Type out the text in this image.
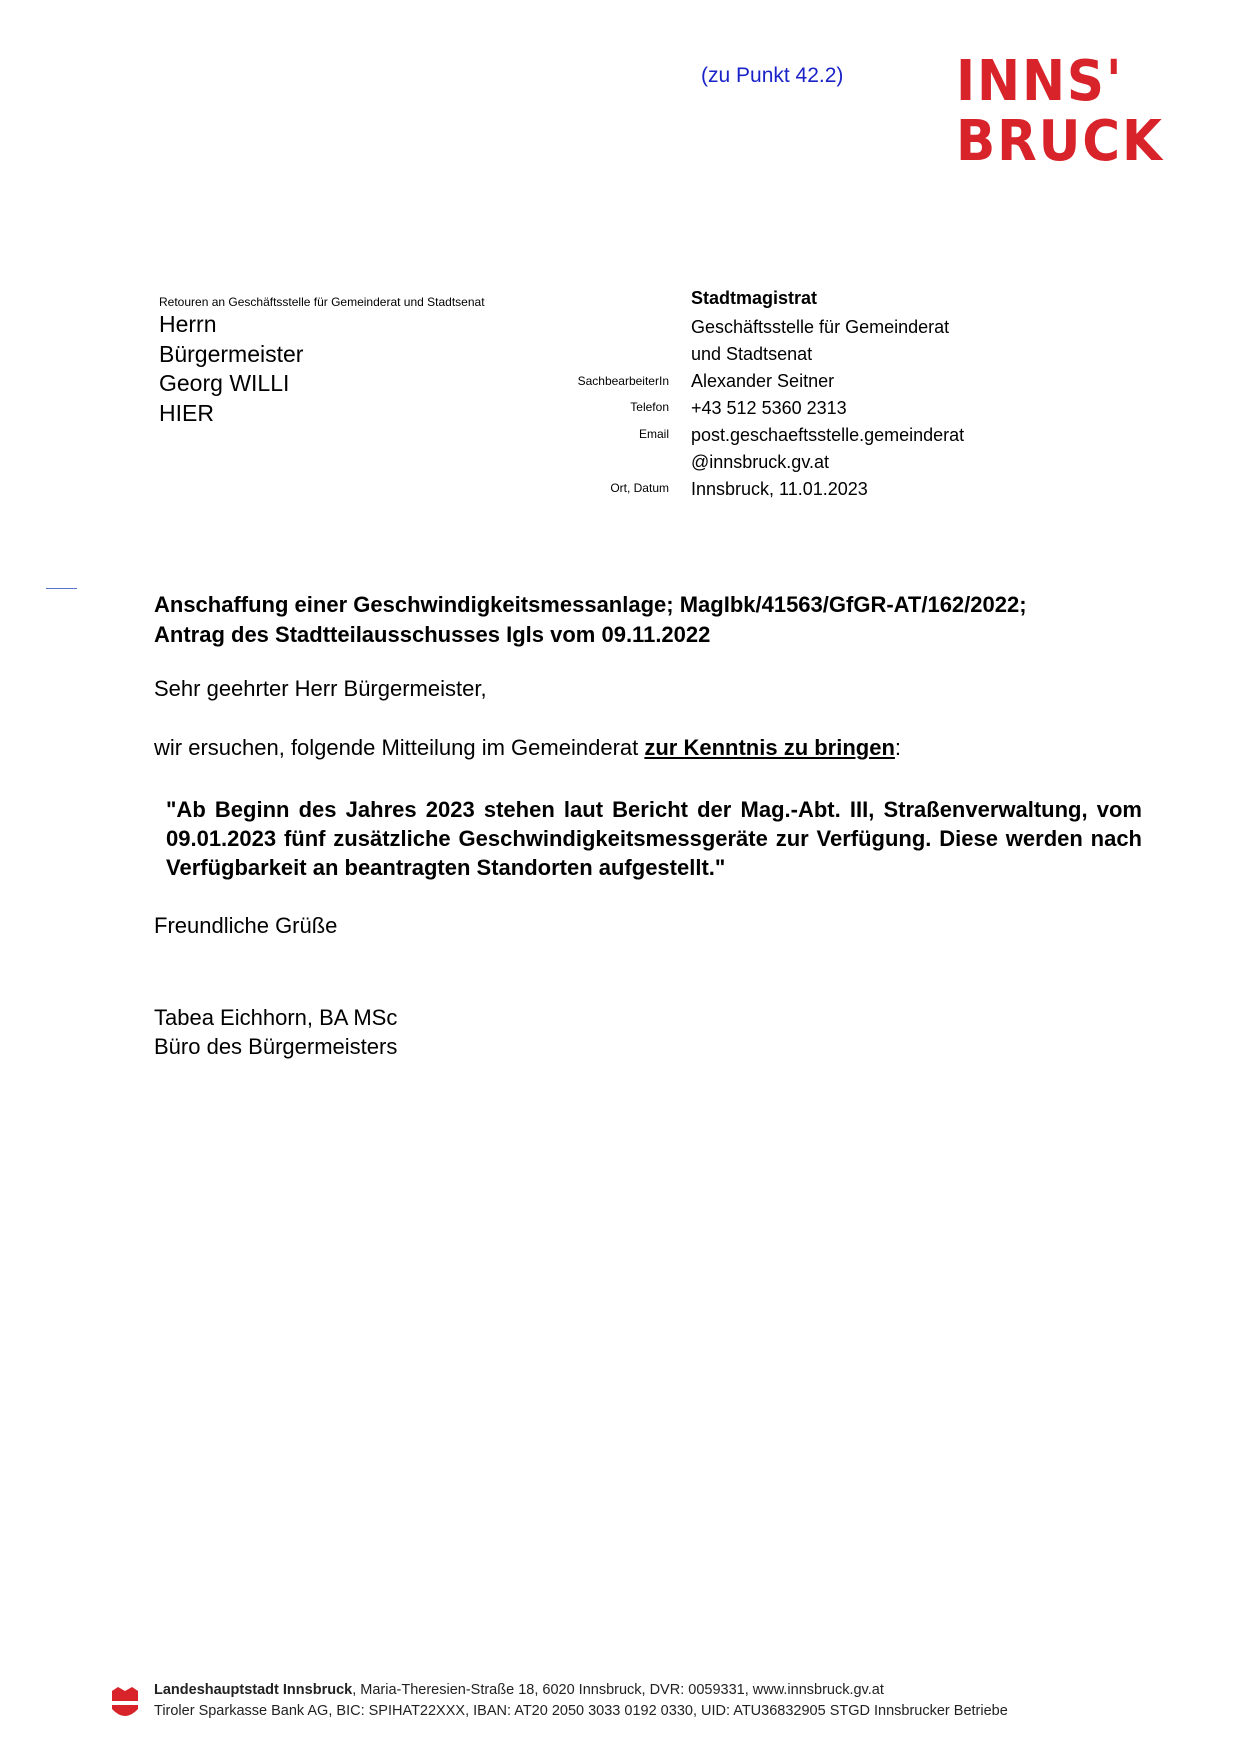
(zu Punkt 42.2) INNS'
BRUCK
Retouren an Geschäftsstelle für Gemeinderat und Stadtsenat
Herrn
Bürgermeister
Georg WILLI
HIER
Stadtmagistrat
Geschäftsstelle für Gemeinderat
und Stadtsenat
Alexander Seitner
+43 512 5360 2313
post.geschaeftsstelle.gemeinderat
@innsbruck.gv.at
Innsbruck, 11.01.2023
SachbearbeiterIn
Telefon
Email
Ort, Datum
Anschaffung einer Geschwindigkeitsmessanlage; MagIbk/41563/GfGR-AT/162/2022;
Antrag des Stadtteilausschusses Igls vom 09.11.2022
Sehr geehrter Herr Bürgermeister,
wir ersuchen, folgende Mitteilung im Gemeinderat zur Kenntnis zu bringen:
"Ab Beginn des Jahres 2023 stehen laut Bericht der Mag.-Abt. III, Straßenverwaltung, vom 09.01.2023 fünf zusätzliche Geschwindigkeitsmessgeräte zur Verfügung. Diese werden nach Verfügbarkeit an beantragten Standorten aufgestellt."
Freundliche Grüße
Tabea Eichhorn, BA MSc
Büro des Bürgermeisters
Landeshauptstadt Innsbruck, Maria-Theresien-Straße 18, 6020 Innsbruck, DVR: 0059331, www.innsbruck.gv.at
Tiroler Sparkasse Bank AG, BIC: SPIHAT22XXX, IBAN: AT20 2050 3033 0192 0330, UID: ATU36832905 STGD Innsbrucker Betriebe
